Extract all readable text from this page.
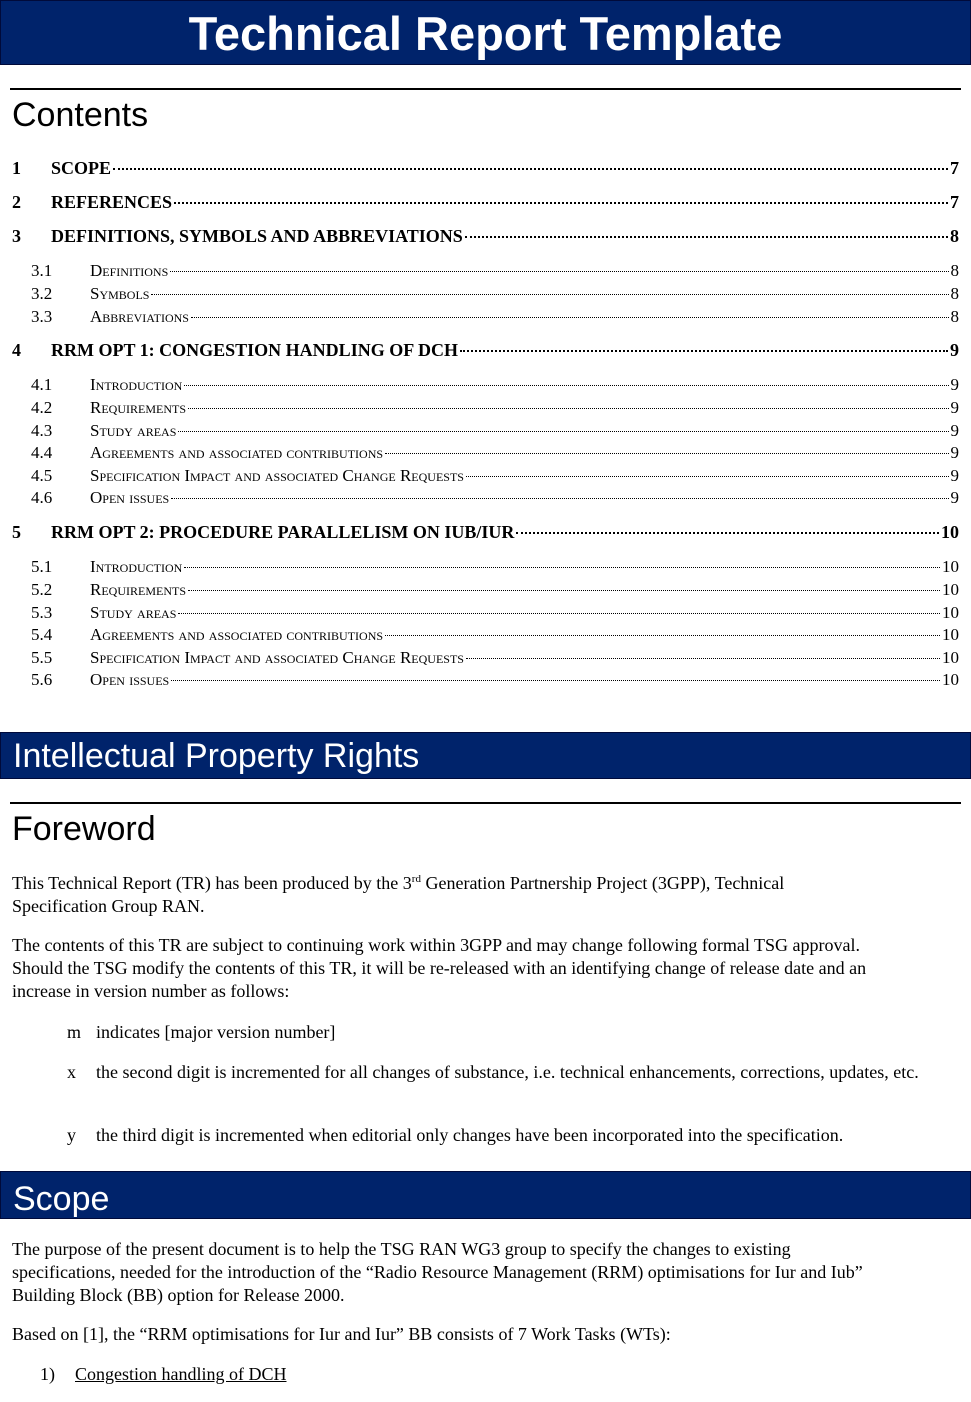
Technical Report Template
Contents
1	SCOPE	7
2	REFERENCES	7
3	DEFINITIONS, SYMBOLS AND ABBREVIATIONS	8
3.1	Definitions	8
3.2	Symbols	8
3.3	Abbreviations	8
4	RRM OPT 1: CONGESTION HANDLING OF DCH	9
4.1	Introduction	9
4.2	Requirements	9
4.3	Study areas	9
4.4	Agreements and associated contributions	9
4.5	Specification Impact and associated Change Requests	9
4.6	Open issues	9
5	RRM OPT 2: PROCEDURE PARALLELISM ON IUB/IUR	10
5.1	Introduction	10
5.2	Requirements	10
5.3	Study areas	10
5.4	Agreements and associated contributions	10
5.5	Specification Impact and associated Change Requests	10
5.6	Open issues	10
Intellectual Property Rights
Foreword
This Technical Report (TR) has been produced by the 3rd Generation Partnership Project (3GPP), Technical
Specification Group RAN.
The contents of this TR are subject to continuing work within 3GPP and may change following formal TSG approval.
Should the TSG modify the contents of this TR, it will be re-released with an identifying change of release date and an
increase in version number as follows:
m indicates [major version number]
x	the second digit is incremented for all changes of substance, i.e. technical enhancements, corrections, updates, etc.
y	the third digit is incremented when editorial only changes have been incorporated into the specification.
Scope
The purpose of the present document is to help the TSG RAN WG3 group to specify the changes to existing
specifications, needed for the introduction of the “Radio Resource Management (RRM) optimisations for Iur and Iub”
Building Block (BB) option for Release 2000.
Based on [1], the “RRM optimisations for Iur and Iur” BB consists of 7 Work Tasks (WTs):
1)	Congestion handling of DCH
